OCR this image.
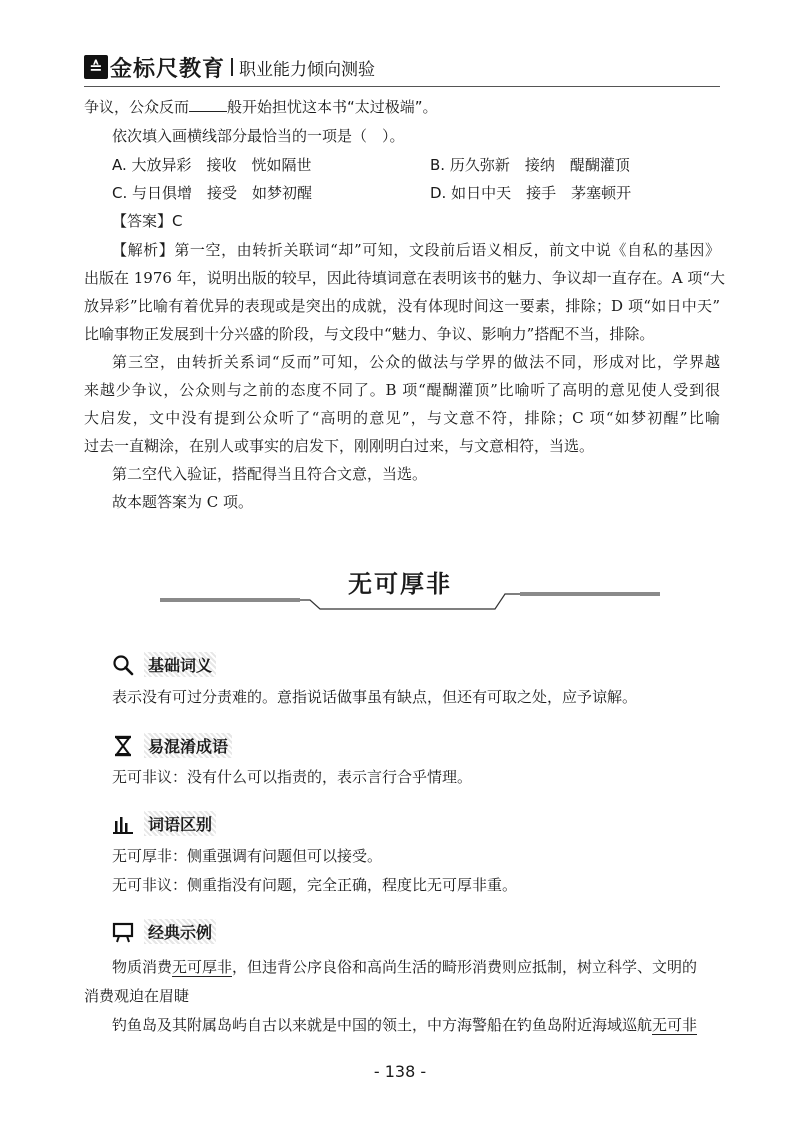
≙ 金标尺教育 职业能力倾向测验
争议，公众反而	般开始担忧这本书“太过极端”。
依次填入画横线部分最恰当的一项是（　）。
A. 大放异彩　接收　恍如隔世	B. 历久弥新　接纳　醍醐灌顶
C. 与日俱增　接受　如梦初醒	D. 如日中天　接手　茅塞顿开
【答案】C
【解析】第一空，由转折关联词“却”可知，文段前后语义相反，前文中说《自私的基因》
出版在 1976 年，说明出版的较早，因此待填词意在表明该书的魅力、争议却一直存在。A 项“大
放异彩”比喻有着优异的表现或是突出的成就，没有体现时间这一要素，排除；D 项“如日中天”
比喻事物正发展到十分兴盛的阶段，与文段中“魅力、争议、影响力”搭配不当，排除。
第三空，由转折关系词“反而”可知，公众的做法与学界的做法不同，形成对比，学界越
来越少争议，公众则与之前的态度不同了。B 项“醍醐灌顶”比喻听了高明的意见使人受到很
大启发，文中没有提到公众听了“高明的意见”，与文意不符，排除；C 项“如梦初醒”比喻
过去一直糊涂，在别人或事实的启发下，刚刚明白过来，与文意相符，当选。
第二空代入验证，搭配得当且符合文意，当选。
故本题答案为 C 项。
无可厚非
基础词义
表示没有可过分责难的。意指说话做事虽有缺点，但还有可取之处，应予谅解。
易混淆成语
无可非议：没有什么可以指责的，表示言行合乎情理。
词语区别
无可厚非：侧重强调有问题但可以接受。
无可非议：侧重指没有问题，完全正确，程度比无可厚非重。
经典示例
物质消费无可厚非，但违背公序良俗和高尚生活的畸形消费则应抵制，树立科学、文明的
消费观迫在眉睫
钓鱼岛及其附属岛屿自古以来就是中国的领土，中方海警船在钓鱼岛附近海域巡航无可非
- 138 -
